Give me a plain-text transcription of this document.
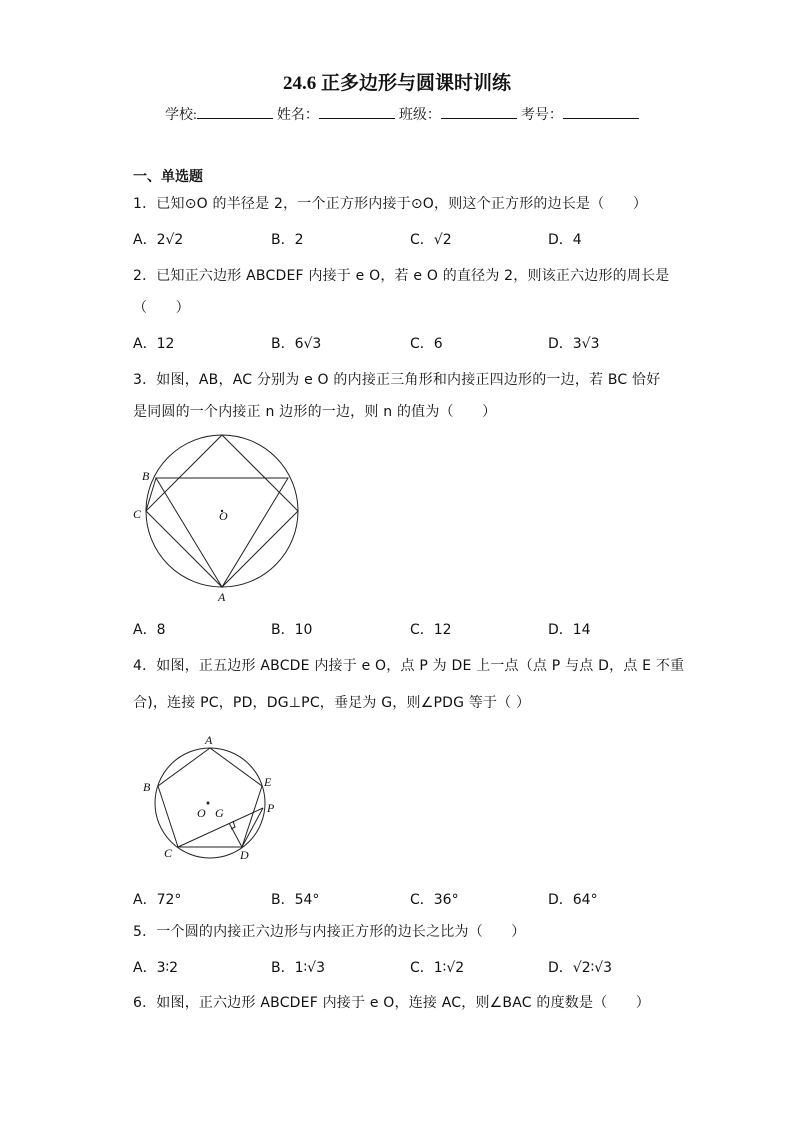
24.6 正多边形与圆课时训练
学校:	姓名：	班级：	考号：
一、单选题
1．已知⊙O 的半径是 2，一个正方形内接于⊙O，则这个正方形的边长是（　　）
A．2√2	B．2	C．√2	D．4
2．已知正六边形 ABCDEF 内接于 e O，若 e O 的直径为 2，则该正六边形的周长是
（　　）
A．12	B．6√3	C．6	D．3√3
3．如图，AB，AC 分别为 e O 的内接正三角形和内接正四边形的一边，若 BC 恰好
是同圆的一个内接正 n 边形的一边，则 n 的值为（　　）
B
C	O
A
A．8	B．10	C．12	D．14
4．如图，正五边形 ABCDE 内接于 e O，点 P 为 DE 上一点（点 P 与点 D，点 E 不重
合)，连接 PC，PD，DG⊥PC，垂足为 G，则∠PDG 等于（ ）
A
B
C	D
E
P
O G
A．72°	B．54°	C．36°	D．64°
5．一个圆的内接正六边形与内接正方形的边长之比为（　　）
A．3∶2	B．1∶√3	C．1∶√2	D．√2∶√3
6．如图，正六边形 ABCDEF 内接于 e O，连接 AC，则∠BAC 的度数是（　　）
